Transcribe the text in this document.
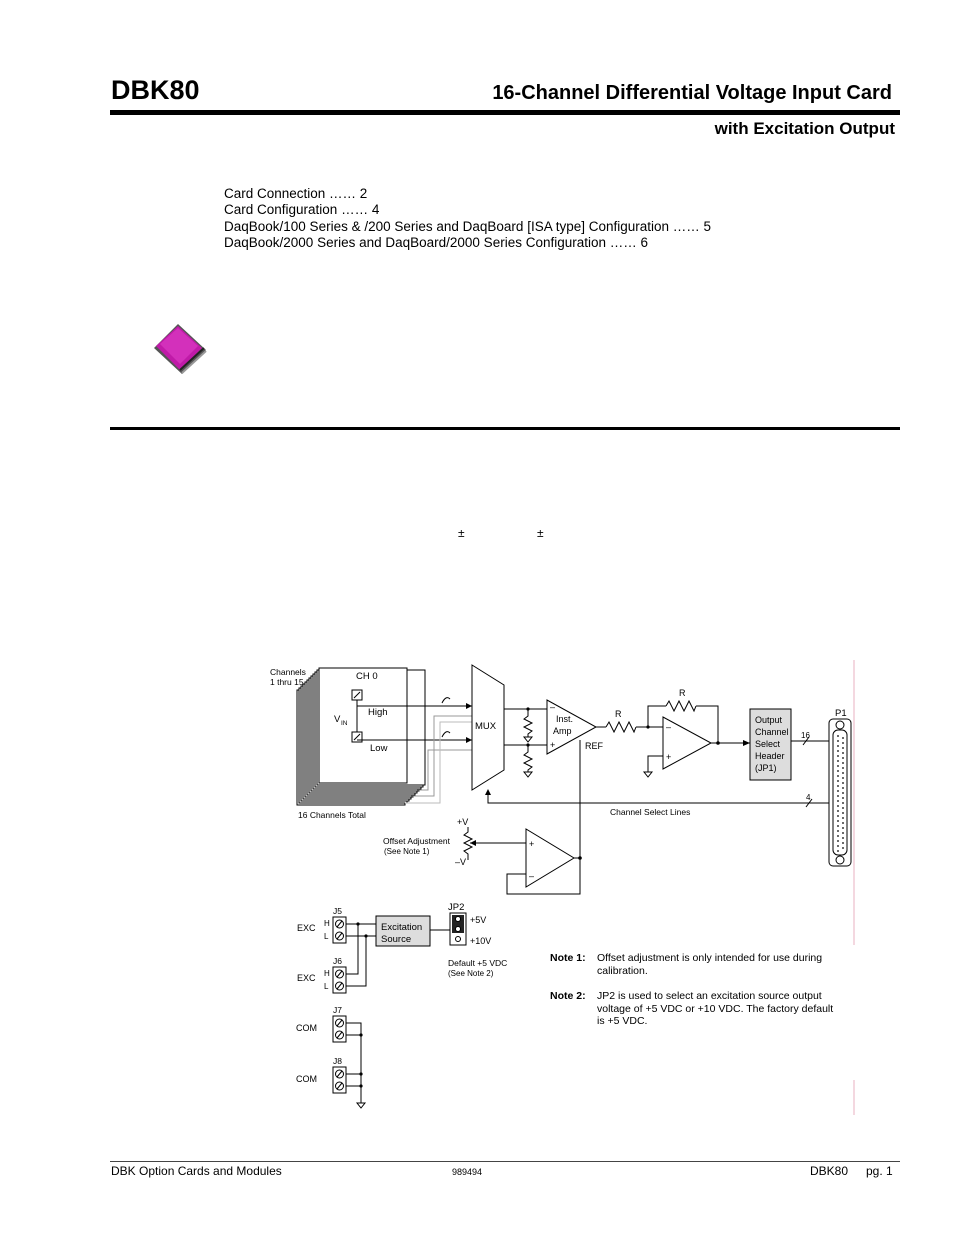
DBK80	16-Channel Differential Voltage Input Card
with Excitation Output
Card Connection …… 2
Card Configuration …… 4
DaqBook/100 Series & /200 Series and DaqBoard [ISA type] Configuration …… 5
DaqBook/2000 Series and DaqBoard/2000 Series Configuration …… 6
±	±
Channels
1 thru 15	CH 0
V IN
High
Low
16 Channels Total
MUX
–
+
Inst.
Amp
REF
R
R
–
+
Output
Channel
Select
Header
(JP1)
16
P1
4
Channel Select Lines
+V
–V
Offset Adjustment
(See Note 1)
+
–
J5
EXC H
L
J6
EXC H
L
Excitation
Source
JP2
+5V
+10V
Default +5 VDC
(See Note 2)
J7
COM
J8
COM
Note 1: Offset adjustment is only intended for use during
calibration.
Note 2: JP2 is used to select an excitation source output
voltage of +5 VDC or +10 VDC. The factory default
is +5 VDC.
DBK Option Cards and Modules	989494	DBK80 pg. 1
